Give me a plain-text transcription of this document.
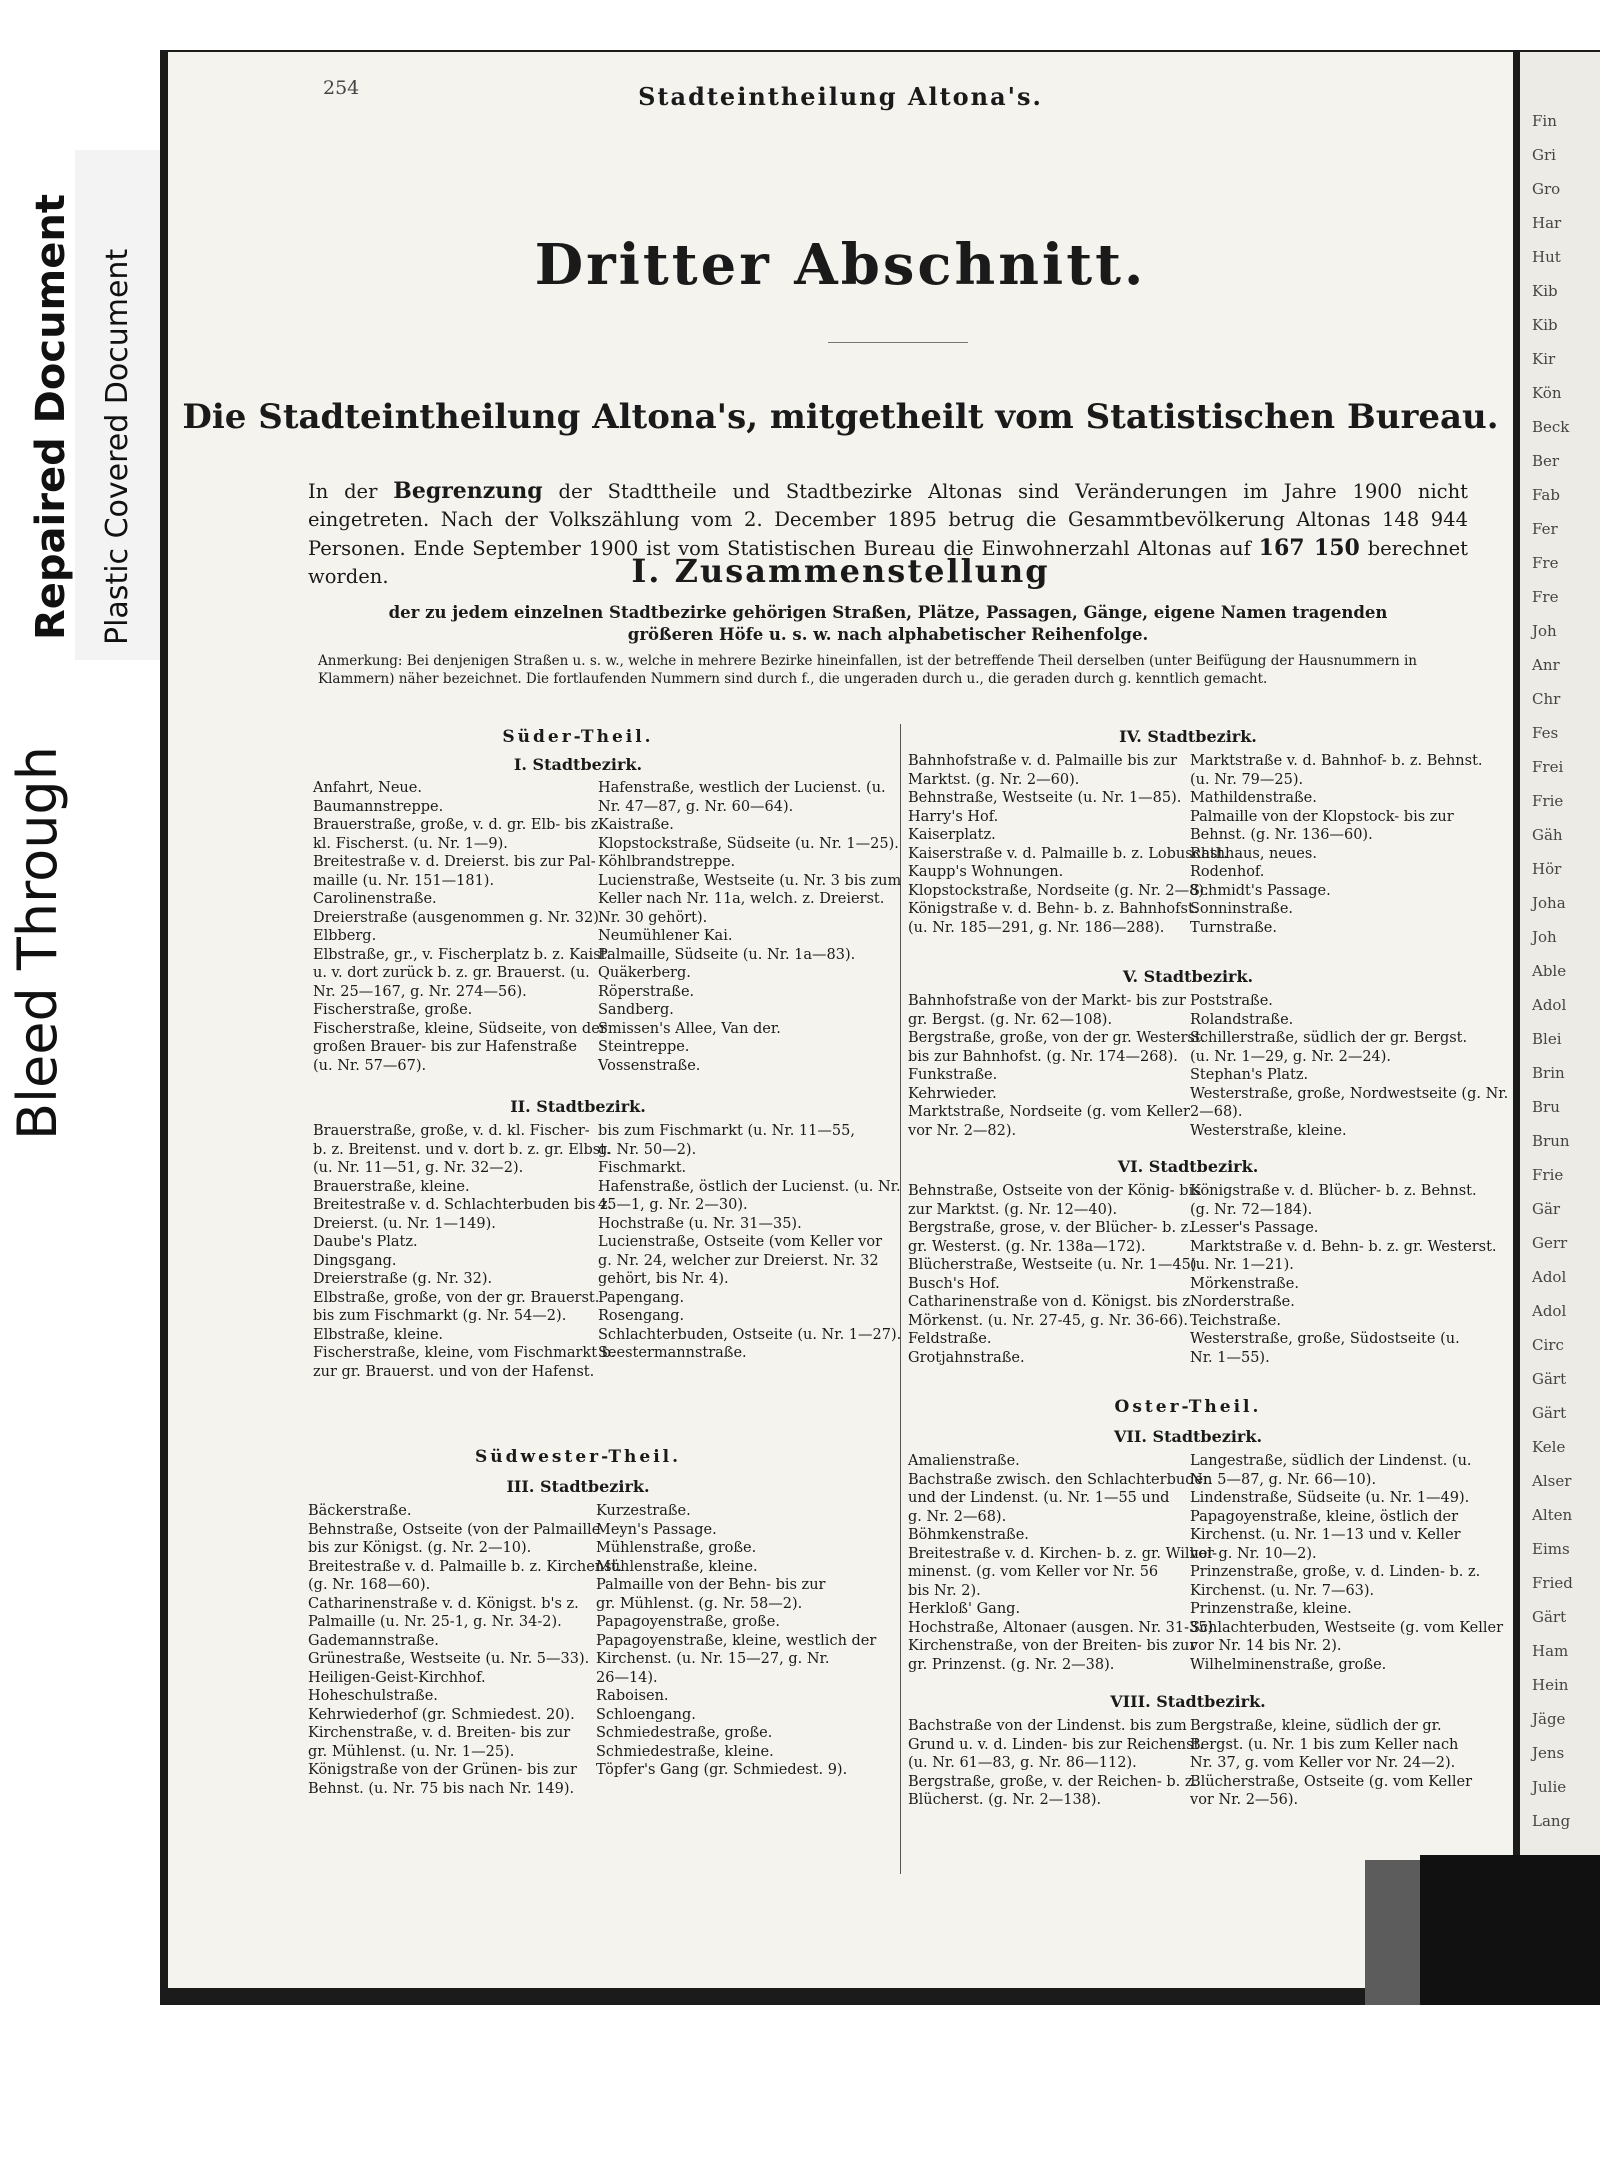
Repaired Document Plastic Covered Document
Bleed Through
254	Stadteintheilung Altona's.
Dritter Abschnitt.
Die Stadteintheilung Altona's, mitgetheilt vom Statistischen Bureau.
In der Begrenzung der Stadttheile und Stadtbezirke Altonas sind Veränderungen im Jahre 1900 nicht eingetreten. Nach der Volkszählung vom 2. December 1895 betrug die Gesammtbevölkerung Altonas 148 944 Personen. Ende September 1900 ist vom Statistischen Bureau die Einwohnerzahl Altonas auf 167 150 berechnet worden.	I. Zusammenstellung
der zu jedem einzelnen Stadtbezirke gehörigen Straßen, Plätze, Passagen, Gänge, eigene Namen tragenden größeren Höfe u. s. w. nach alphabetischer Reihenfolge.
Anmerkung: Bei denjenigen Straßen u. s. w., welche in mehrere Bezirke hineinfallen, ist der betreffende Theil derselben (unter Beifügung der Hausnummern in Klammern) näher bezeichnet. Die fortlaufenden Nummern sind durch f., die ungeraden durch u., die geraden durch g. kenntlich gemacht.
Süder-Theil.
I. Stadtbezirk.
Anfahrt, Neue.
Baumannstreppe.
Brauerstraße, große, v. d. gr. Elb- bis z.
kl. Fischerst. (u. Nr. 1—9).
Breitestraße v. d. Dreierst. bis zur Pal-
maille (u. Nr. 151—181).
Carolinenstraße.
Dreierstraße (ausgenommen g. Nr. 32).
Elbberg.
Elbstraße, gr., v. Fischerplatz b. z. Kaist.
u. v. dort zurück b. z. gr. Brauerst. (u.
Nr. 25—167, g. Nr. 274—56).
Fischerstraße, große.
Fischerstraße, kleine, Südseite, von der
großen Brauer- bis zur Hafenstraße
(u. Nr. 57—67).
Hafenstraße, westlich der Lucienst. (u.
Nr. 47—87, g. Nr. 60—64).
Kaistraße.
Klopstockstraße, Südseite (u. Nr. 1—25).
Köhlbrandstreppe.
Lucienstraße, Westseite (u. Nr. 3 bis zum
Keller nach Nr. 11a, welch. z. Dreierst.
Nr. 30 gehört).
Neumühlener Kai.
Palmaille, Südseite (u. Nr. 1a—83).
Quäkerberg.
Röperstraße.
Sandberg.
Smissen's Allee, Van der.
Steintreppe.
Vossenstraße.
II. Stadtbezirk.
Brauerstraße, große, v. d. kl. Fischer-
b. z. Breitenst. und v. dort b. z. gr. Elbst.
(u. Nr. 11—51, g. Nr. 32—2).
Brauerstraße, kleine.
Breitestraße v. d. Schlachterbuden bis z.
Dreierst. (u. Nr. 1—149).
Daube's Platz.
Dingsgang.
Dreierstraße (g. Nr. 32).
Elbstraße, große, von der gr. Brauerst.
bis zum Fischmarkt (g. Nr. 54—2).
Elbstraße, kleine.
Fischerstraße, kleine, vom Fischmarkt b.
zur gr. Brauerst. und von der Hafenst.
bis zum Fischmarkt (u. Nr. 11—55,
g. Nr. 50—2).
Fischmarkt.
Hafenstraße, östlich der Lucienst. (u. Nr.
45—1, g. Nr. 2—30).
Hochstraße (u. Nr. 31—35).
Lucienstraße, Ostseite (vom Keller vor
g. Nr. 24, welcher zur Dreierst. Nr. 32
gehört, bis Nr. 4).
Papengang.
Rosengang.
Schlachterbuden, Ostseite (u. Nr. 1—27).
Seestermannstraße.
Südwester-Theil.
III. Stadtbezirk.
Bäckerstraße.
Behnstraße, Ostseite (von der Palmaille
bis zur Königst. (g. Nr. 2—10).
Breitestraße v. d. Palmaille b. z. Kirchenst.
(g. Nr. 168—60).
Catharinenstraße v. d. Königst. b's z.
Palmaille (u. Nr. 25-1, g. Nr. 34-2).
Gademannstraße.
Grünestraße, Westseite (u. Nr. 5—33).
Heiligen-Geist-Kirchhof.
Hoheschulstraße.
Kehrwiederhof (gr. Schmiedest. 20).
Kirchenstraße, v. d. Breiten- bis zur
gr. Mühlenst. (u. Nr. 1—25).
Königstraße von der Grünen- bis zur
Behnst. (u. Nr. 75 bis nach Nr. 149).
Kurzestraße.
Meyn's Passage.
Mühlenstraße, große.
Mühlenstraße, kleine.
Palmaille von der Behn- bis zur
gr. Mühlenst. (g. Nr. 58—2).
Papagoyenstraße, große.
Papagoyenstraße, kleine, westlich der
Kirchenst. (u. Nr. 15—27, g. Nr.
26—14).
Raboisen.
Schloengang.
Schmiedestraße, große.
Schmiedestraße, kleine.
Töpfer's Gang (gr. Schmiedest. 9).
IV. Stadtbezirk.
Bahnhofstraße v. d. Palmaille bis zur
Marktst. (g. Nr. 2—60).
Behnstraße, Westseite (u. Nr. 1—85).
Harry's Hof.
Kaiserplatz.
Kaiserstraße v. d. Palmaille b. z. Lobuschst.
Kaupp's Wohnungen.
Klopstockstraße, Nordseite (g. Nr. 2—8).
Königstraße v. d. Behn- b. z. Bahnhofst.
(u. Nr. 185—291, g. Nr. 186—288).
Marktstraße v. d. Bahnhof- b. z. Behnst.
(u. Nr. 79—25).
Mathildenstraße.
Palmaille von der Klopstock- bis zur
Behnst. (g. Nr. 136—60).
Rathhaus, neues.
Rodenhof.
Schmidt's Passage.
Sonninstraße.
Turnstraße.
V. Stadtbezirk.
Bahnhofstraße von der Markt- bis zur
gr. Bergst. (g. Nr. 62—108).
Bergstraße, große, von der gr. Westerst.
bis zur Bahnhofst. (g. Nr. 174—268).
Funkstraße.
Kehrwieder.
Marktstraße, Nordseite (g. vom Keller
vor Nr. 2—82).
Poststraße.
Rolandstraße.
Schillerstraße, südlich der gr. Bergst.
(u. Nr. 1—29, g. Nr. 2—24).
Stephan's Platz.
Westerstraße, große, Nordwestseite (g. Nr.
2—68).
Westerstraße, kleine.
VI. Stadtbezirk.
Behnstraße, Ostseite von der König- bis
zur Marktst. (g. Nr. 12—40).
Bergstraße, grose, v. der Blücher- b. z.
gr. Westerst. (g. Nr. 138a—172).
Blücherstraße, Westseite (u. Nr. 1—45).
Busch's Hof.
Catharinenstraße von d. Königst. bis z.
Mörkenst. (u. Nr. 27-45, g. Nr. 36-66).
Feldstraße.
Grotjahnstraße.
Königstraße v. d. Blücher- b. z. Behnst.
(g. Nr. 72—184).
Lesser's Passage.
Marktstraße v. d. Behn- b. z. gr. Westerst.
(u. Nr. 1—21).
Mörkenstraße.
Norderstraße.
Teichstraße.
Westerstraße, große, Südostseite (u.
Nr. 1—55).
Oster-Theil.
VII. Stadtbezirk.
Amalienstraße.
Bachstraße zwisch. den Schlachterbuden
und der Lindenst. (u. Nr. 1—55 und
g. Nr. 2—68).
Böhmkenstraße.
Breitestraße v. d. Kirchen- b. z. gr. Wilhel-
minenst. (g. vom Keller vor Nr. 56
bis Nr. 2).
Herkloß' Gang.
Hochstraße, Altonaer (ausgen. Nr. 31-35).
Kirchenstraße, von der Breiten- bis zur
gr. Prinzenst. (g. Nr. 2—38).
Langestraße, südlich der Lindenst. (u.
Nr. 5—87, g. Nr. 66—10).
Lindenstraße, Südseite (u. Nr. 1—49).
Papagoyenstraße, kleine, östlich der
Kirchenst. (u. Nr. 1—13 und v. Keller
vor g. Nr. 10—2).
Prinzenstraße, große, v. d. Linden- b. z.
Kirchenst. (u. Nr. 7—63).
Prinzenstraße, kleine.
Schlachterbuden, Westseite (g. vom Keller
vor Nr. 14 bis Nr. 2).
Wilhelminenstraße, große.
VIII. Stadtbezirk.
Bachstraße von der Lindenst. bis zum
Grund u. v. d. Linden- bis zur Reichenst.
(u. Nr. 61—83, g. Nr. 86—112).
Bergstraße, große, v. der Reichen- b. z.
Blücherst. (g. Nr. 2—138).
Bergstraße, kleine, südlich der gr.
Bergst. (u. Nr. 1 bis zum Keller nach
Nr. 37, g. vom Keller vor Nr. 24—2).
Blücherstraße, Ostseite (g. vom Keller
vor Nr. 2—56).
Fin
Gri
Gro
Har
Hut
Kib
Kib
Kir
Kön
Beck
Ber
Fab
Fer
Fre
Fre
Joh
Anr
Chr
Fes
Frei
Frie
Gäh
Hör
Joha
Joh
Able
Adol
Blei
Brin
Bru
Brun
Frie
Gär
Gerr
Adol
Adol
Circ
Gärt
Gärt
Kele
Alser
Alten
Eims
Fried
Gärt
Ham
Hein
Jäge
Jens
Julie
Lang
